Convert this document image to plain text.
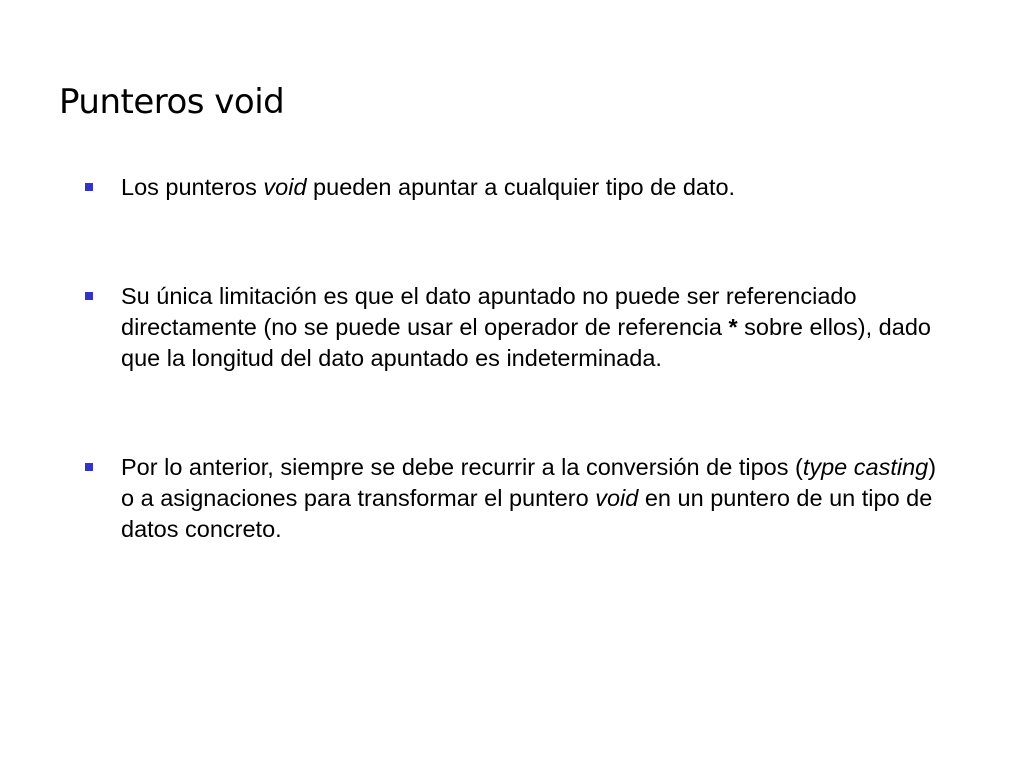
Punteros void
Los punteros void pueden apuntar a cualquier tipo de dato.
Su única limitación es que el dato apuntado no puede ser referenciado directamente (no se puede usar el operador de referencia * sobre ellos), dado que la longitud del dato apuntado es indeterminada.
Por lo anterior, siempre se debe recurrir a la conversión de tipos (type casting) o a asignaciones para transformar el puntero void en un puntero de un tipo de datos concreto.
